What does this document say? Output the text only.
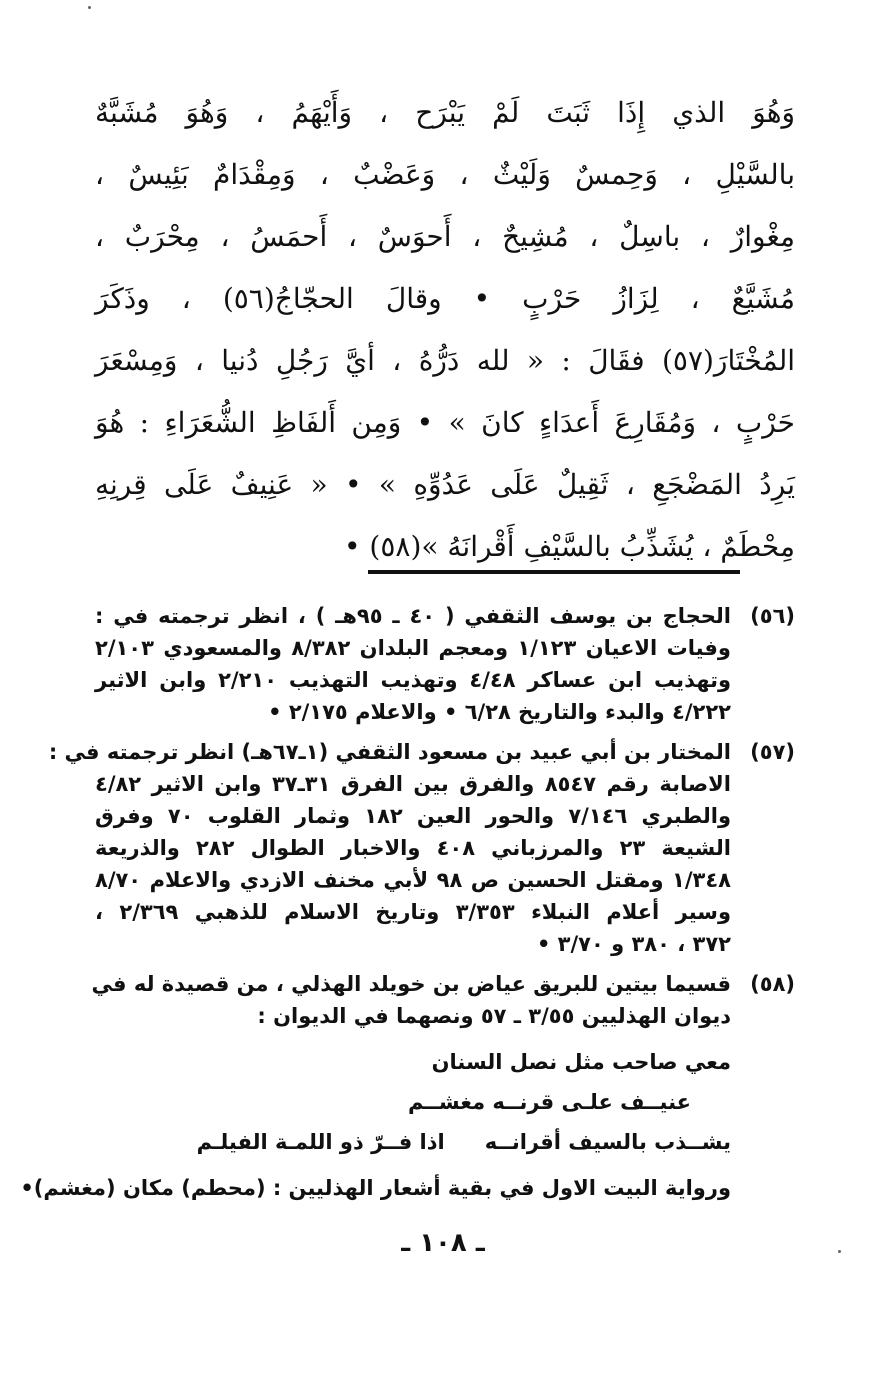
وَهُوَ الذي إِذَا ثَبَتَ لَمْ يَبْرَح ، وَأَيْهَمُ ، وَهُوَ مُشَبَّهٌ
بالسَّيْلِ ، وَحِمسٌ وَلَيْثٌ ، وَعَضْبٌ ، وَمِقْدَامٌ بَئِيسٌ ،
مِغْوارٌ ، باسِلٌ ، مُشِيحٌ ، أَحوَسٌ ، أَحمَسُ ، مِحْرَبٌ ،
مُشَيَّعٌ ، لِزَازُ حَرْبٍ • وقالَ الحجّاجُ(٥٦) ، وذَكَرَ
المُخْتَارَ(٥٧) فقَالَ : « لله دَرُّهُ ، أيَّ رَجُلِ دُنيا ، وَمِسْعَرَ
حَرْبٍ ، وَمُقَارِعَ أَعدَاءٍ كانَ » • وَمِن أَلفَاظِ الشُّعَرَاءِ : هُوَ
يَرِدُ المَضْجَعِ ، ثَقِيلٌ عَلَى عَدُوِّهِ » • « عَنِيفٌ عَلَى قِرنِهِ
مِحْطَمٌ ، يُشَذِّبُ بالسَّيْفِ أَقْرانَهُ »(٥٨) •
(٥٦)
الحجاج بن يوسف الثقفي ( ٤٠ ـ ٩٥هـ ) ، انظر ترجمته في :
وفيات الاعيان ١/١٢٣ ومعجم البلدان ٨/٣٨٢ والمسعودي ٢/١٠٣
وتهذيب ابن عساكر ٤/٤٨ وتهذيب التهذيب ٢/٢١٠ وابن الاثير
٤/٢٢٢ والبدء والتاريخ ٦/٢٨ • والاعلام ٢/١٧٥ •
(٥٧)
المختار بن أبي عبيد بن مسعود الثقفي (١ـ٦٧هـ) انظر ترجمته في :
الاصابة رقم ٨٥٤٧ والفرق بين الفرق ٣١ـ٣٧ وابن الاثير ٤/٨٢
والطبري ٧/١٤٦ والحور العين ١٨٢ وثمار القلوب ٧٠ وفرق
الشيعة ٢٣ والمرزباني ٤٠٨ والاخبار الطوال ٢٨٢ والذريعة
١/٣٤٨ ومقتل الحسين ص ٩٨ لأبي مخنف الازدي والاعلام ٨/٧٠
وسير أعلام النبلاء ٣/٣٥٣ وتاريخ الاسلام للذهبي ٢/٣٦٩ ،
٣٧٢ ، ٣٨٠ و ٣/٧٠ •
(٥٨)
قسيما بيتين للبريق عياض بن خويلد الهذلي ، من قصيدة له في
ديوان الهذليين ٣/٥٥ ـ ٥٧ ونصهما في الديوان :
معي صاحب مثل نصل السنان
عنيــف علـى قرنــه مغشــم
يشــذب بالسيف أقرانــه
اذا فــرّ ذو اللمـة الفيلـم
ورواية البيت الاول في بقية أشعار الهذليين : (محطم) مكان (مغشم)•
ـ ١٠٨ ـ
